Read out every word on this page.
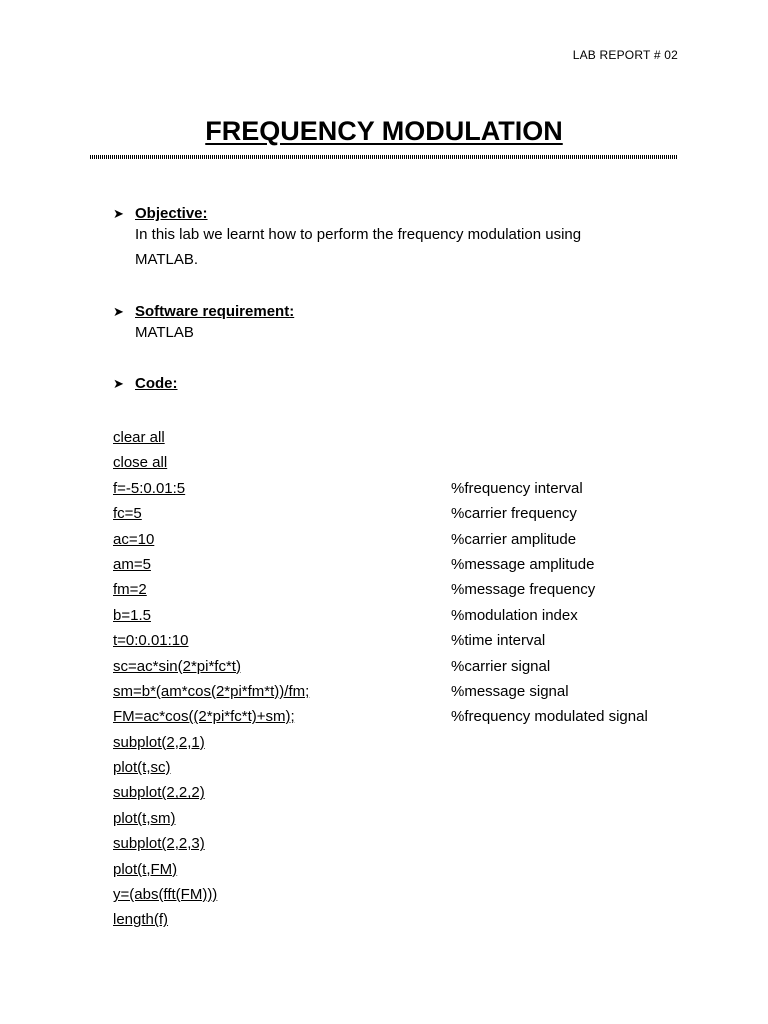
LAB REPORT # 02
FREQUENCY MODULATION
➤ Objective:
In this lab we learnt how to perform the frequency modulation using
MATLAB.
➤ Software requirement:
MATLAB
➤ Code:
clear all
close all
f=-5:0.01:5	%frequency interval
fc=5	%carrier frequency
ac=10	%carrier amplitude
am=5	%message amplitude
fm=2	%message frequency
b=1.5	%modulation index
t=0:0.01:10	%time interval
sc=ac*sin(2*pi*fc*t)	%carrier signal
sm=b*(am*cos(2*pi*fm*t))/fm;	%message signal
FM=ac*cos((2*pi*fc*t)+sm);	%frequency modulated signal
subplot(2,2,1)
plot(t,sc)
subplot(2,2,2)
plot(t,sm)
subplot(2,2,3)
plot(t,FM)
y=(abs(fft(FM)))
length(f)
